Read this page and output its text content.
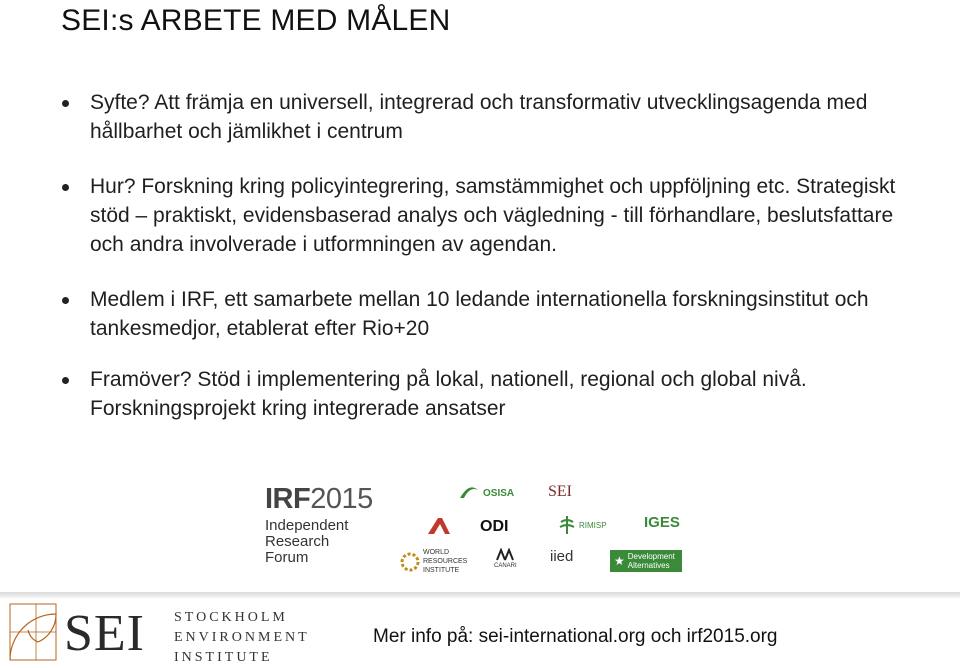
SEI:s ARBETE MED MÅLEN
Syfte? Att främja en universell, integrerad och transformativ utvecklingsagenda med hållbarhet och jämlikhet i centrum
Hur? Forskning kring policyintegrering, samstämmighet och uppföljning etc. Strategiskt stöd – praktiskt, evidensbaserad analys och vägledning - till förhandlare, beslutsfattare och andra involverade i utformningen av agendan.
Medlem i IRF, ett samarbete mellan 10 ledande internationella forskningsinstitut och tankesmedjor, etablerat efter Rio+20
Framöver? Stöd i implementering på lokal, nationell, regional och global nivå. Forskningsprojekt kring integrerade ansatser
IRF2015
Independent
Research
Forum
OSISA SEI
ODI	RIMISP IGES
WORLD RESOURCES INSTITUTE
CANARI
iied	★ Development Alternatives
SEI STOCKHOLM
ENVIRONMENT
INSTITUTE
Mer info på: sei-international.org och irf2015.org
